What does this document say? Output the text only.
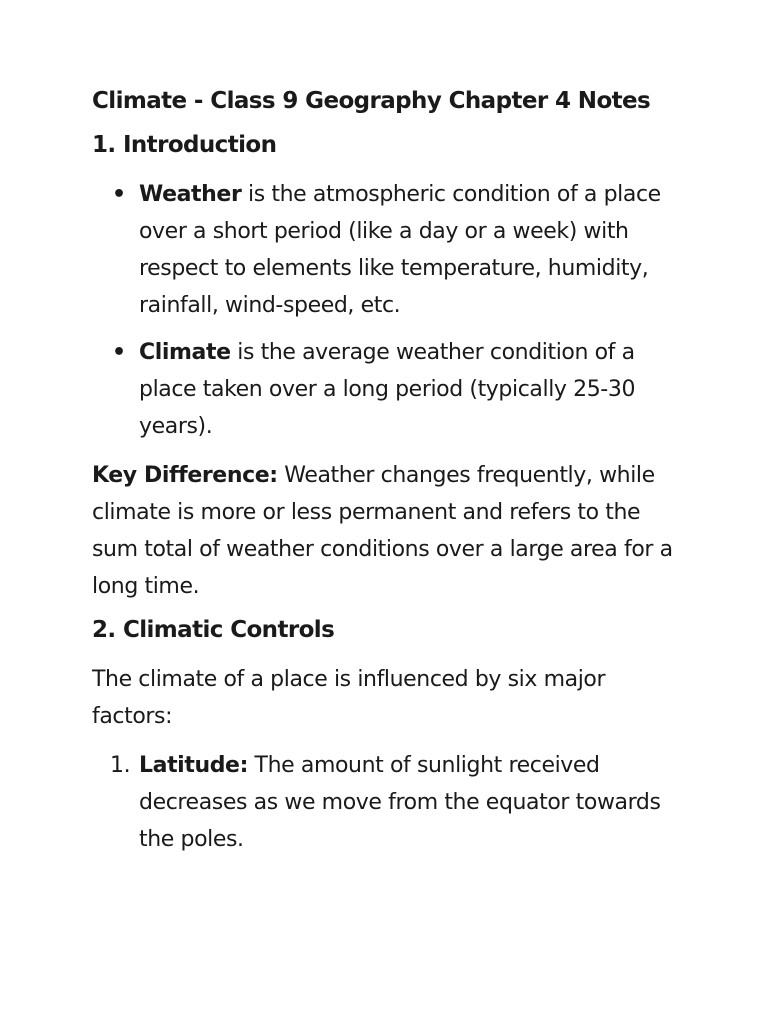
Climate - Class 9 Geography Chapter 4 Notes
1. Introduction
• Weather is the atmospheric condition of a place over a short period (like a day or a week) with respect to elements like temperature, humidity, rainfall, wind-speed, etc.
• Climate is the average weather condition of a place taken over a long period (typically 25-30 years).

Key Difference: Weather changes frequently, while climate is more or less permanent and refers to the sum total of weather conditions over a large area for a long time.

2. Climatic Controls

The climate of a place is influenced by six major factors:

1. Latitude: The amount of sunlight received decreases as we move from the equator towards the poles.
